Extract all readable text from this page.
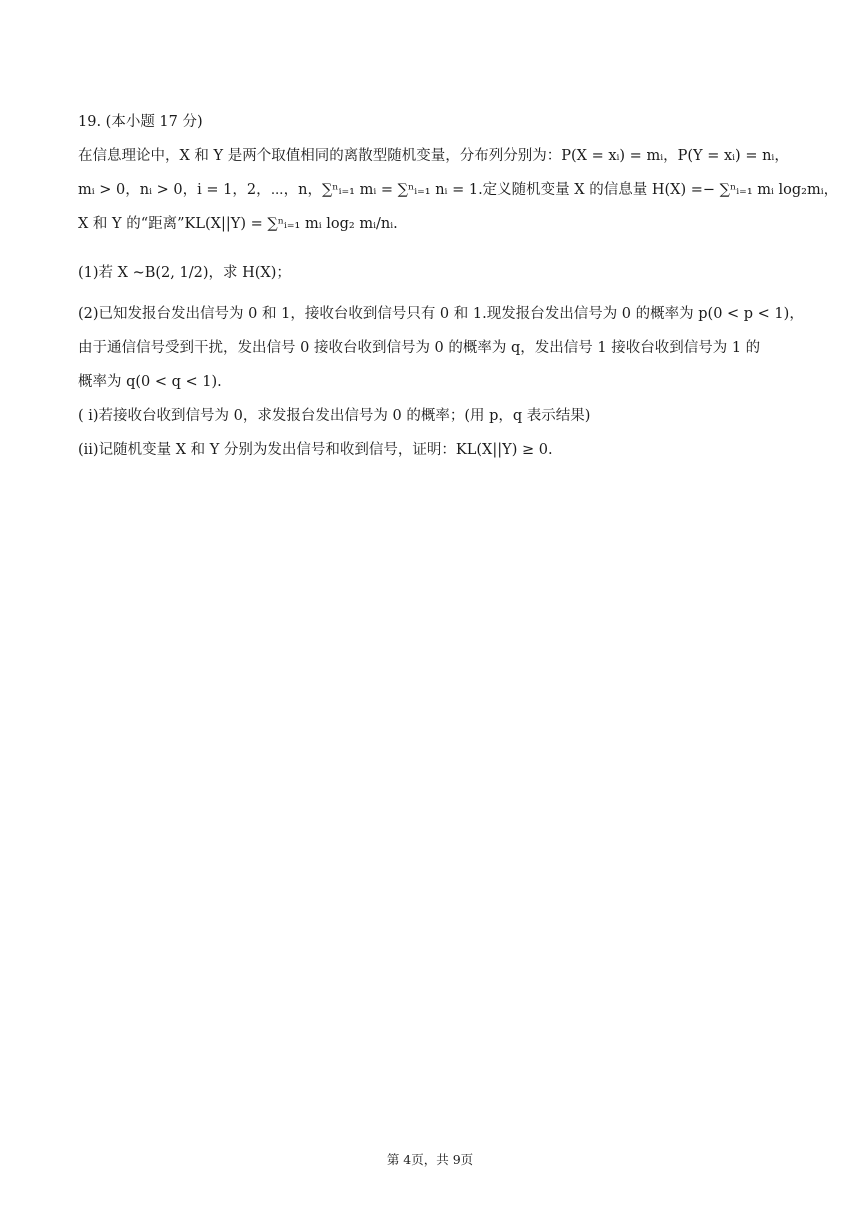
19. (本小题 17 分)
在信息理论中，X 和 Y 是两个取值相同的离散型随机变量，分布列分别为：P(X = xᵢ) = mᵢ，P(Y = xᵢ) = nᵢ，
mᵢ > 0，nᵢ > 0，i = 1，2，⋯，n，∑ⁿᵢ₌₁ mᵢ = ∑ⁿᵢ₌₁ nᵢ = 1.定义随机变量 X 的信息量 H(X) =− ∑ⁿᵢ₌₁ mᵢ log₂mᵢ，
X 和 Y 的“距离”KL(X||Y) = ∑ⁿᵢ₌₁ mᵢ log₂ mᵢ/nᵢ.
(1)若 X ~B(2, 1/2)，求 H(X)；
(2)已知发报台发出信号为 0 和 1，接收台收到信号只有 0 和 1.现发报台发出信号为 0 的概率为 p(0 < p < 1)，
由于通信信号受到干扰，发出信号 0 接收台收到信号为 0 的概率为 q，发出信号 1 接收台收到信号为 1 的
概率为 q(0 < q < 1).
( ⅰ)若接收台收到信号为 0，求发报台发出信号为 0 的概率；(用 p，q 表示结果)
(ⅱ)记随机变量 X 和 Y 分别为发出信号和收到信号，证明：KL(X||Y) ≥ 0.
第 4页，共 9页
